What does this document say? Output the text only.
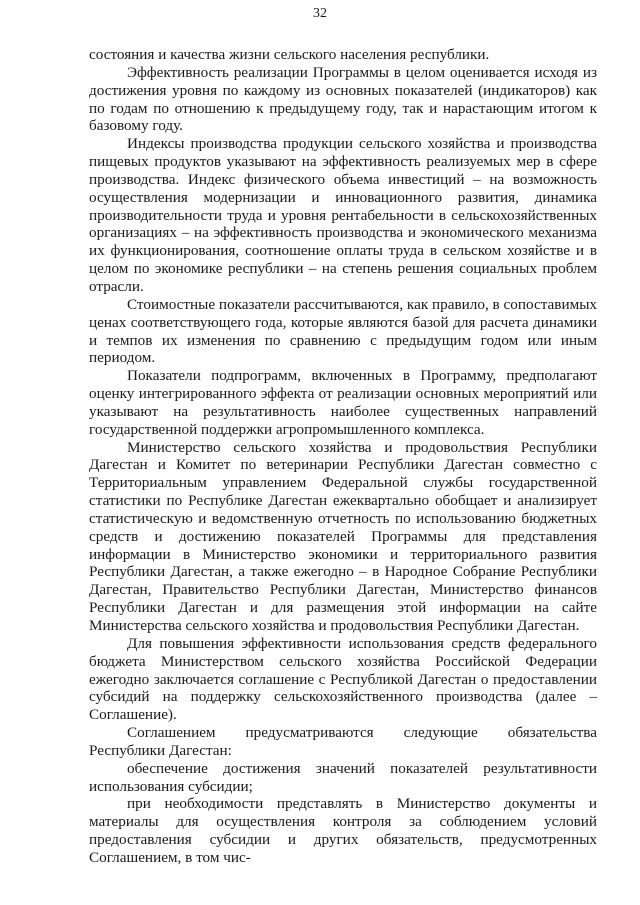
32

состояния и качества жизни сельского населения республики.

Эффективность реализации Программы в целом оценивается исходя из достижения уровня по каждому из основных показателей (индикаторов) как по годам по отношению к предыдущему году, так и нарастающим итогом к базовому году.

Индексы производства продукции сельского хозяйства и производства пищевых продуктов указывают на эффективность реализуемых мер в сфере производства. Индекс физического объема инвестиций – на возможность осуществления модернизации и инновационного развития, динамика производительности труда и уровня рентабельности в сельскохозяйственных организациях – на эффективность производства и экономического механизма их функционирования, соотношение оплаты труда в сельском хозяйстве и в целом по экономике республики – на степень решения социальных проблем отрасли.

Стоимостные показатели рассчитываются, как правило, в сопоставимых ценах соответствующего года, которые являются базой для расчета динамики и темпов их изменения по сравнению с предыдущим годом или иным периодом.

Показатели подпрограмм, включенных в Программу, предполагают оценку интегрированного эффекта от реализации основных мероприятий или указывают на результативность наиболее существенных направлений государственной поддержки агропромышленного комплекса.

Министерство сельского хозяйства и продовольствия Республики Дагестан и Комитет по ветеринарии Республики Дагестан совместно с Территориальным управлением Федеральной службы государственной статистики по Республике Дагестан ежеквартально обобщает и анализирует статистическую и ведомственную отчетность по использованию бюджетных средств и достижению показателей Программы для представления информации в Министерство экономики и территориального развития Республики Дагестан, а также ежегодно – в Народное Собрание Республики Дагестан, Правительство Республики Дагестан, Министерство финансов Республики Дагестан и для размещения этой информации на сайте Министерства сельского хозяйства и продовольствия Республики Дагестан.

Для повышения эффективности использования средств федерального бюджета Министерством сельского хозяйства Российской Федерации ежегодно заключается соглашение с Республикой Дагестан о предоставлении субсидий на поддержку сельскохозяйственного производства (далее – Соглашение).

Соглашением предусматриваются следующие обязательства Республики Дагестан:

обеспечение достижения значений показателей результативности использования субсидии;

при необходимости представлять в Министерство документы и материалы для осуществления контроля за соблюдением условий предоставления субсидии и других обязательств, предусмотренных Соглашением, в том чис-
